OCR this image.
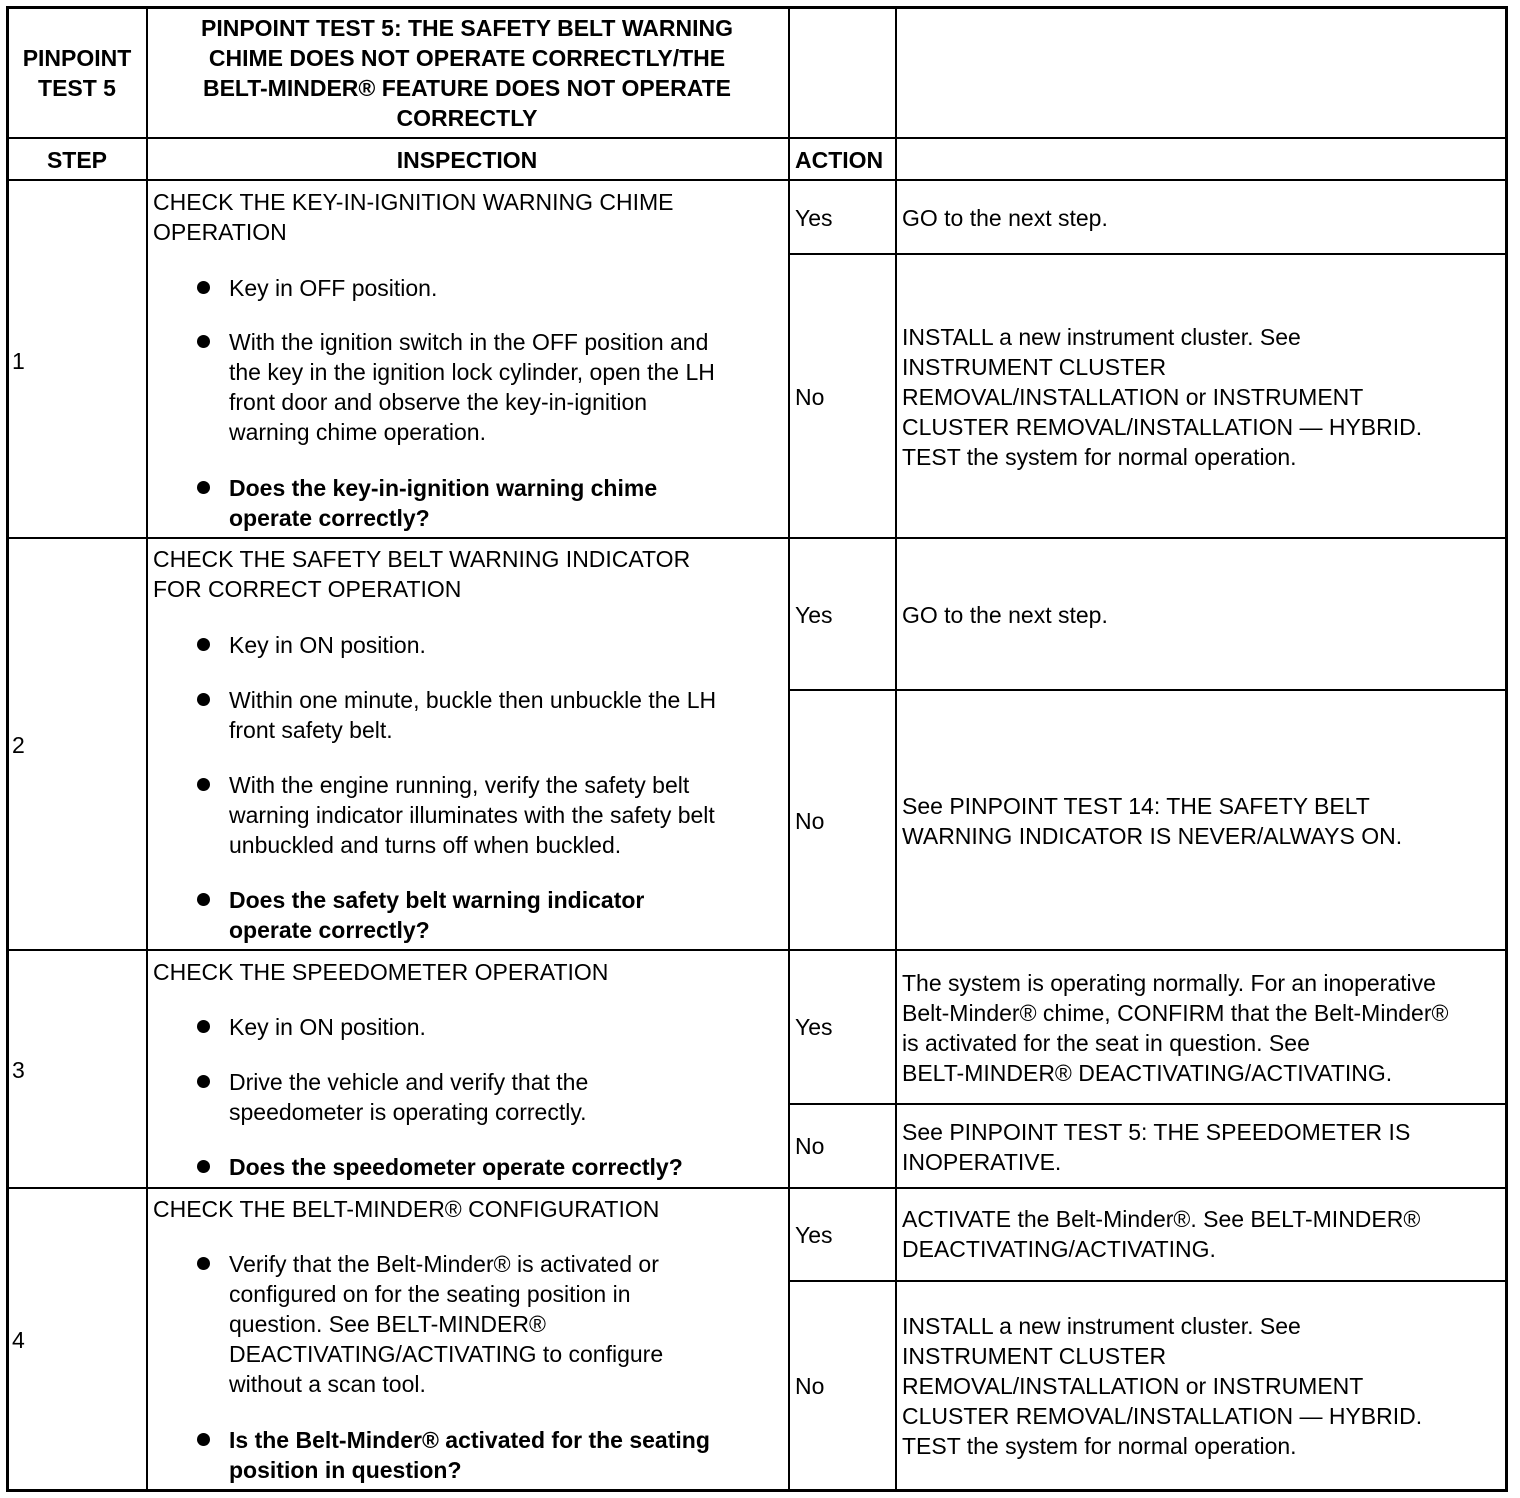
PINPOINT
TEST 5
PINPOINT TEST 5: THE SAFETY BELT WARNING
CHIME DOES NOT OPERATE CORRECTLY/THE
BELT-MINDER® FEATURE DOES NOT OPERATE
CORRECTLY
STEP	INSPECTION	ACTION
1
CHECK THE KEY-IN-IGNITION WARNING CHIME
OPERATION
Key in OFF position.
With the ignition switch in the OFF position and
the key in the ignition lock cylinder, open the LH
front door and observe the key-in-ignition
warning chime operation.
Does the key-in-ignition warning chime
operate correctly?
Yes
No
GO to the next step.
INSTALL a new instrument cluster. See
INSTRUMENT CLUSTER
REMOVAL/INSTALLATION or INSTRUMENT
CLUSTER REMOVAL/INSTALLATION — HYBRID.
TEST the system for normal operation.
2
CHECK THE SAFETY BELT WARNING INDICATOR
FOR CORRECT OPERATION
Key in ON position.
Within one minute, buckle then unbuckle the LH
front safety belt.
With the engine running, verify the safety belt
warning indicator illuminates with the safety belt
unbuckled and turns off when buckled.
Does the safety belt warning indicator
operate correctly?
Yes
No
GO to the next step.
See PINPOINT TEST 14: THE SAFETY BELT
WARNING INDICATOR IS NEVER/ALWAYS ON.
3
CHECK THE SPEEDOMETER OPERATION
Key in ON position.
Drive the vehicle and verify that the
speedometer is operating correctly.
Does the speedometer operate correctly?
Yes
No
The system is operating normally. For an inoperative
Belt-Minder® chime, CONFIRM that the Belt-Minder®
is activated for the seat in question. See
BELT-MINDER® DEACTIVATING/ACTIVATING.
See PINPOINT TEST 5: THE SPEEDOMETER IS
INOPERATIVE.
4
CHECK THE BELT-MINDER® CONFIGURATION
Verify that the Belt-Minder® is activated or
configured on for the seating position in
question. See BELT-MINDER®
DEACTIVATING/ACTIVATING to configure
without a scan tool.
Is the Belt-Minder® activated for the seating
position in question?
Yes
No
ACTIVATE the Belt-Minder®. See BELT-MINDER®
DEACTIVATING/ACTIVATING.
INSTALL a new instrument cluster. See
INSTRUMENT CLUSTER
REMOVAL/INSTALLATION or INSTRUMENT
CLUSTER REMOVAL/INSTALLATION — HYBRID.
TEST the system for normal operation.
